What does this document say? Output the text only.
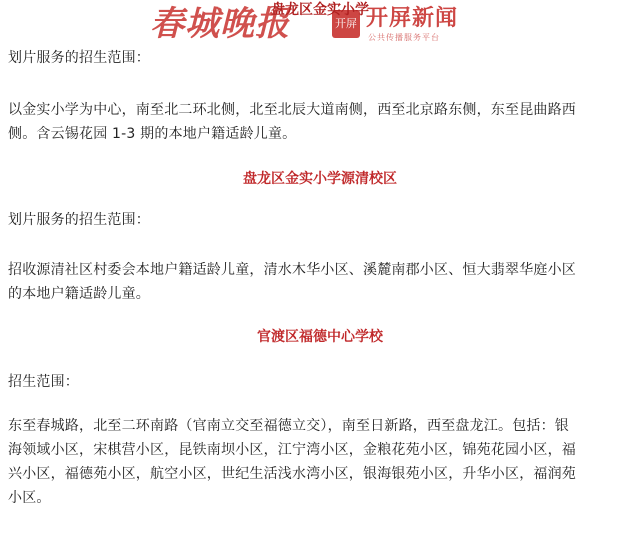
春城晚报	开屏 开屏新闻
公共传播服务平台
盘龙区金实小学
划片服务的招生范围：
以金实小学为中心，南至北二环北侧，北至北辰大道南侧，西至北京路东侧，东至昆曲路西
侧。含云锡花园 1-3 期的本地户籍适龄儿童。
盘龙区金实小学源清校区
划片服务的招生范围：
招收源清社区村委会本地户籍适龄儿童，清水木华小区、溪麓南郡小区、恒大翡翠华庭小区
的本地户籍适龄儿童。
官渡区福德中心学校
招生范围：
东至春城路，北至二环南路（官南立交至福德立交），南至日新路，西至盘龙江。包括：银
海领域小区，宋棋营小区，昆铁南坝小区，江宁湾小区，金粮花苑小区，锦苑花园小区，福
兴小区，福德苑小区，航空小区，世纪生活浅水湾小区，银海银苑小区，升华小区，福润苑
小区。
